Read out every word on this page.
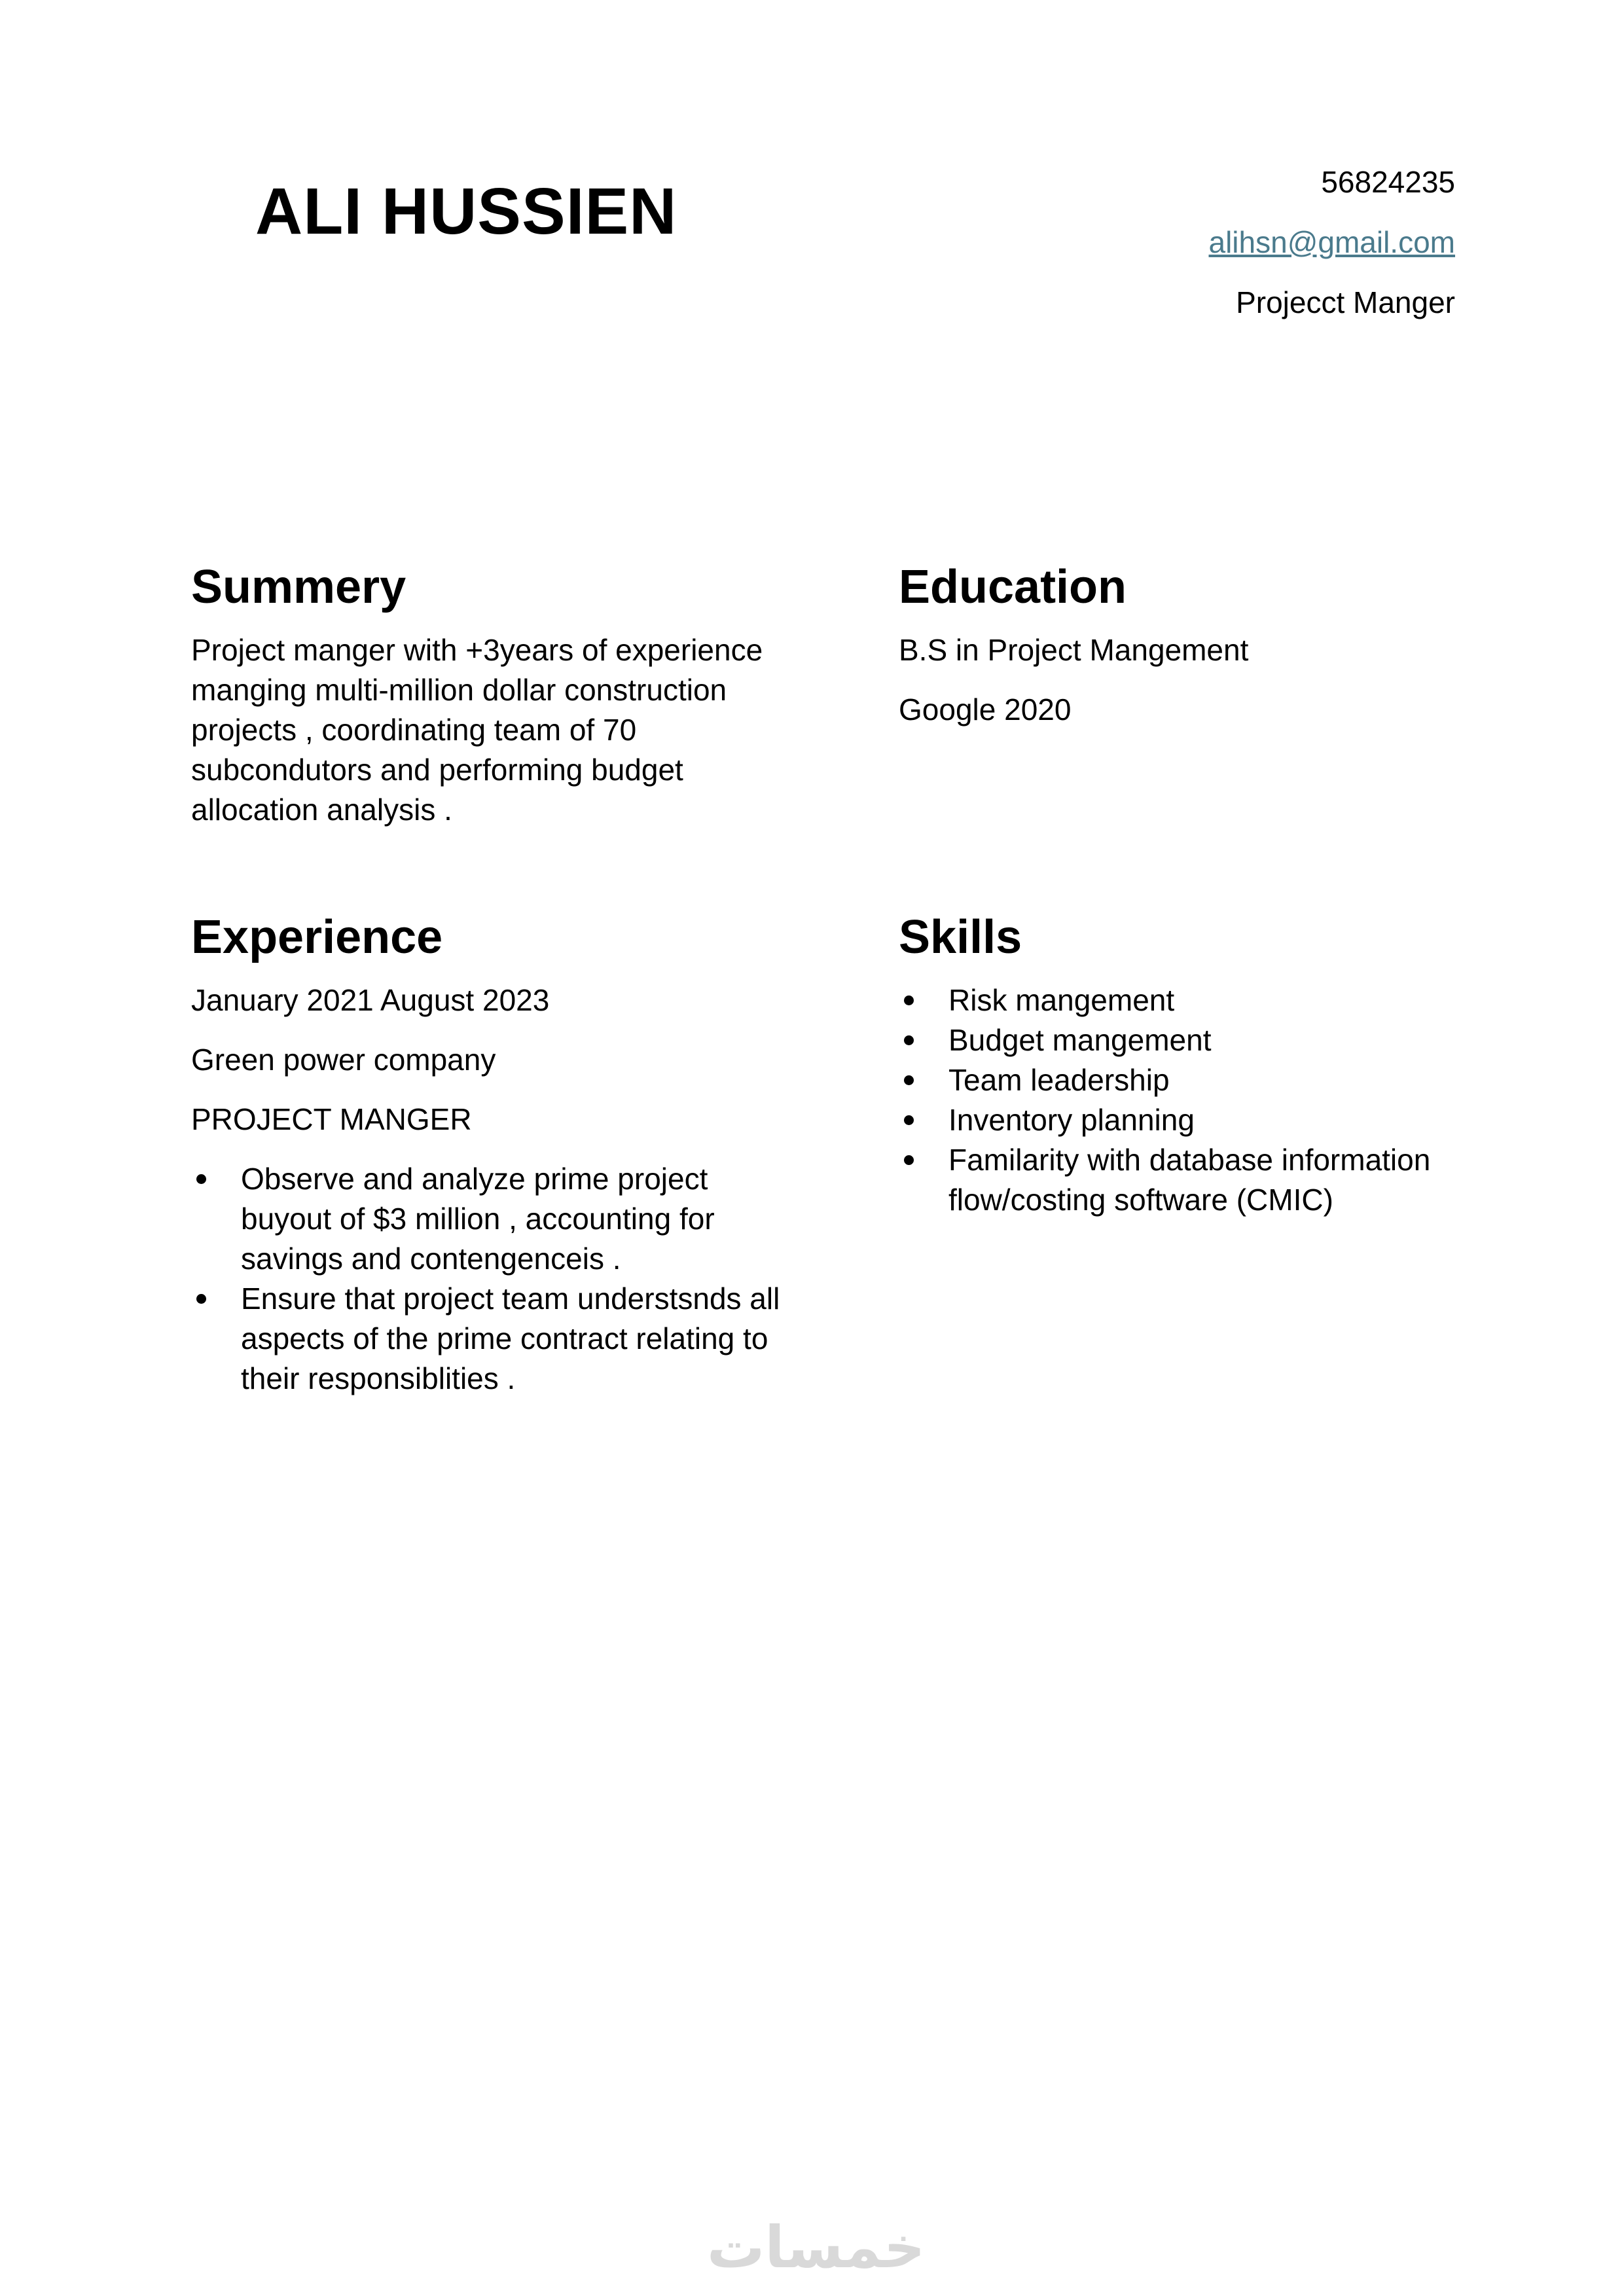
ALI HUSSIEN	56824235
alihsn@gmail.com
Projecct Manger
Summery

Project manger with +3years of experience manging multi-million dollar construction projects , coordinating team of 70 subcondutors and performing budget allocation analysis .

Education

B.S in Project Mangement

Google 2020

Experience

January 2021 August 2023

Green power company

PROJECT MANGER

Observe and analyze prime project buyout of $3 million , accounting for savings and contengenceis .
Ensure that project team understsnds all aspects of the prime contract relating to their responsiblities .
Skills
Risk mangement
Budget mangement
Team leadership
Inventory planning
Familarity with database information flow/costing software (CMIC)
خمسات
